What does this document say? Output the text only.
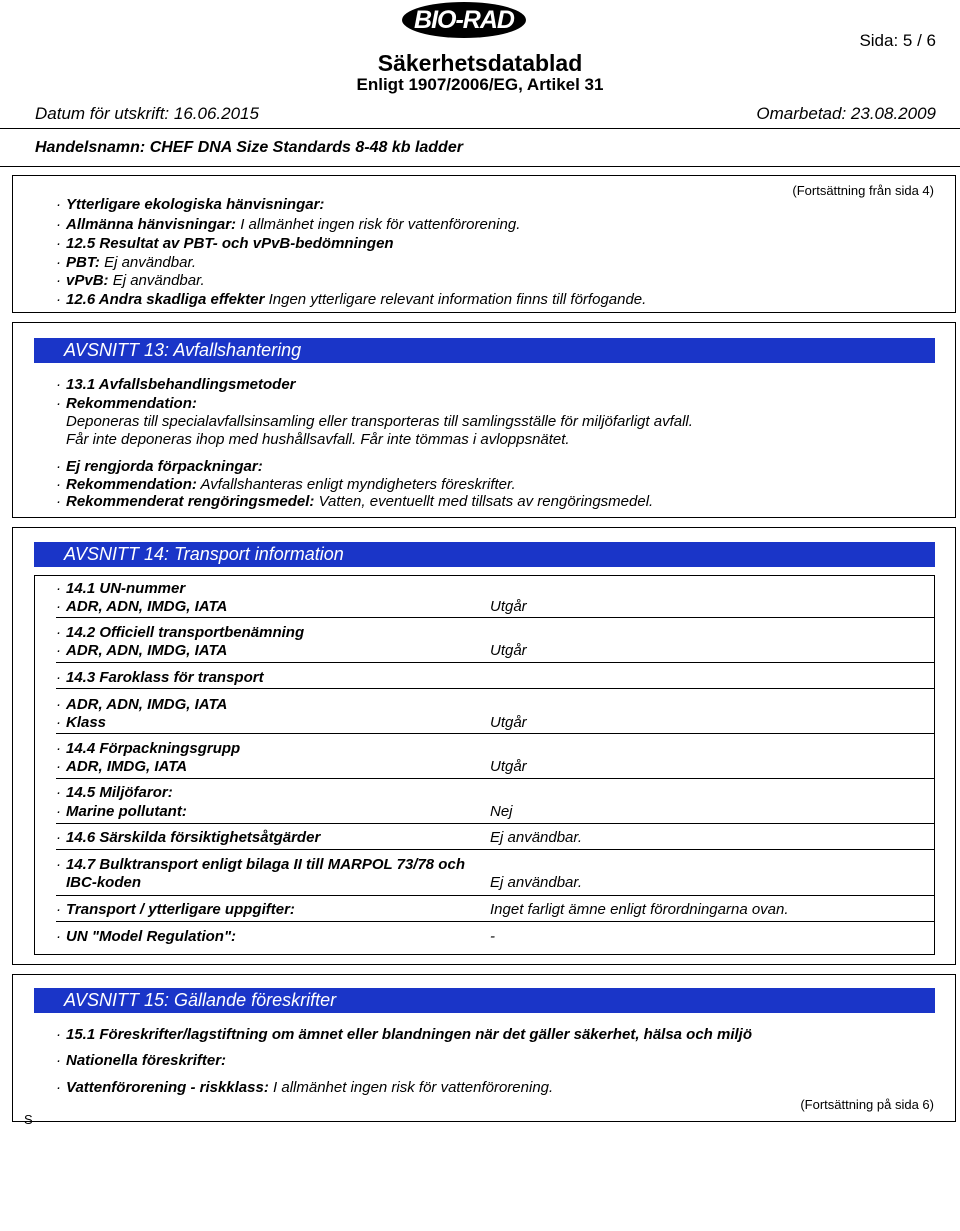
BIO-RAD
Sida: 5 / 6
Säkerhetsdatablad
Enligt 1907/2006/EG, Artikel 31
Datum för utskrift: 16.06.2015	Omarbetad: 23.08.2009
Handelsnamn: CHEF DNA Size Standards 8-48 kb ladder
(Fortsättning från sida 4)
· Ytterligare ekologiska hänvisningar:
· Allmänna hänvisningar: I allmänhet ingen risk för vattenförorening.
· 12.5 Resultat av PBT- och vPvB-bedömningen
· PBT: Ej användbar.
· vPvB: Ej användbar.
· 12.6 Andra skadliga effekter Ingen ytterligare relevant information finns till förfogande.
AVSNITT 13: Avfallshantering
· 13.1 Avfallsbehandlingsmetoder
· Rekommendation:
Deponeras till specialavfallsinsamling eller transporteras till samlingsställe för miljöfarligt avfall.
Får inte deponeras ihop med hushållsavfall. Får inte tömmas i avloppsnätet.
· Ej rengjorda förpackningar:
· Rekommendation: Avfallshanteras enligt myndigheters föreskrifter.
· Rekommenderat rengöringsmedel: Vatten, eventuellt med tillsats av rengöringsmedel.
AVSNITT 14: Transport information
· 14.1 UN-nummer
· ADR, ADN, IMDG, IATA	Utgår
· 14.2 Officiell transportbenämning
· ADR, ADN, IMDG, IATA	Utgår
· 14.3 Faroklass för transport
· ADR, ADN, IMDG, IATA
· Klass	Utgår
· 14.4 Förpackningsgrupp
· ADR, IMDG, IATA	Utgår
· 14.5 Miljöfaror:
· Marine pollutant:	Nej
· 14.6 Särskilda försiktighetsåtgärder	Ej användbar.
· 14.7 Bulktransport enligt bilaga II till MARPOL 73/78 och
IBC-koden	Ej användbar.
· Transport / ytterligare uppgifter:	Inget farligt ämne enligt förordningarna ovan.
· UN "Model Regulation":	-
AVSNITT 15: Gällande föreskrifter
· 15.1 Föreskrifter/lagstiftning om ämnet eller blandningen när det gäller säkerhet, hälsa och miljö
· Nationella föreskrifter:
· Vattenförorening - riskklass: I allmänhet ingen risk för vattenförorening.
(Fortsättning på sida 6)
S
